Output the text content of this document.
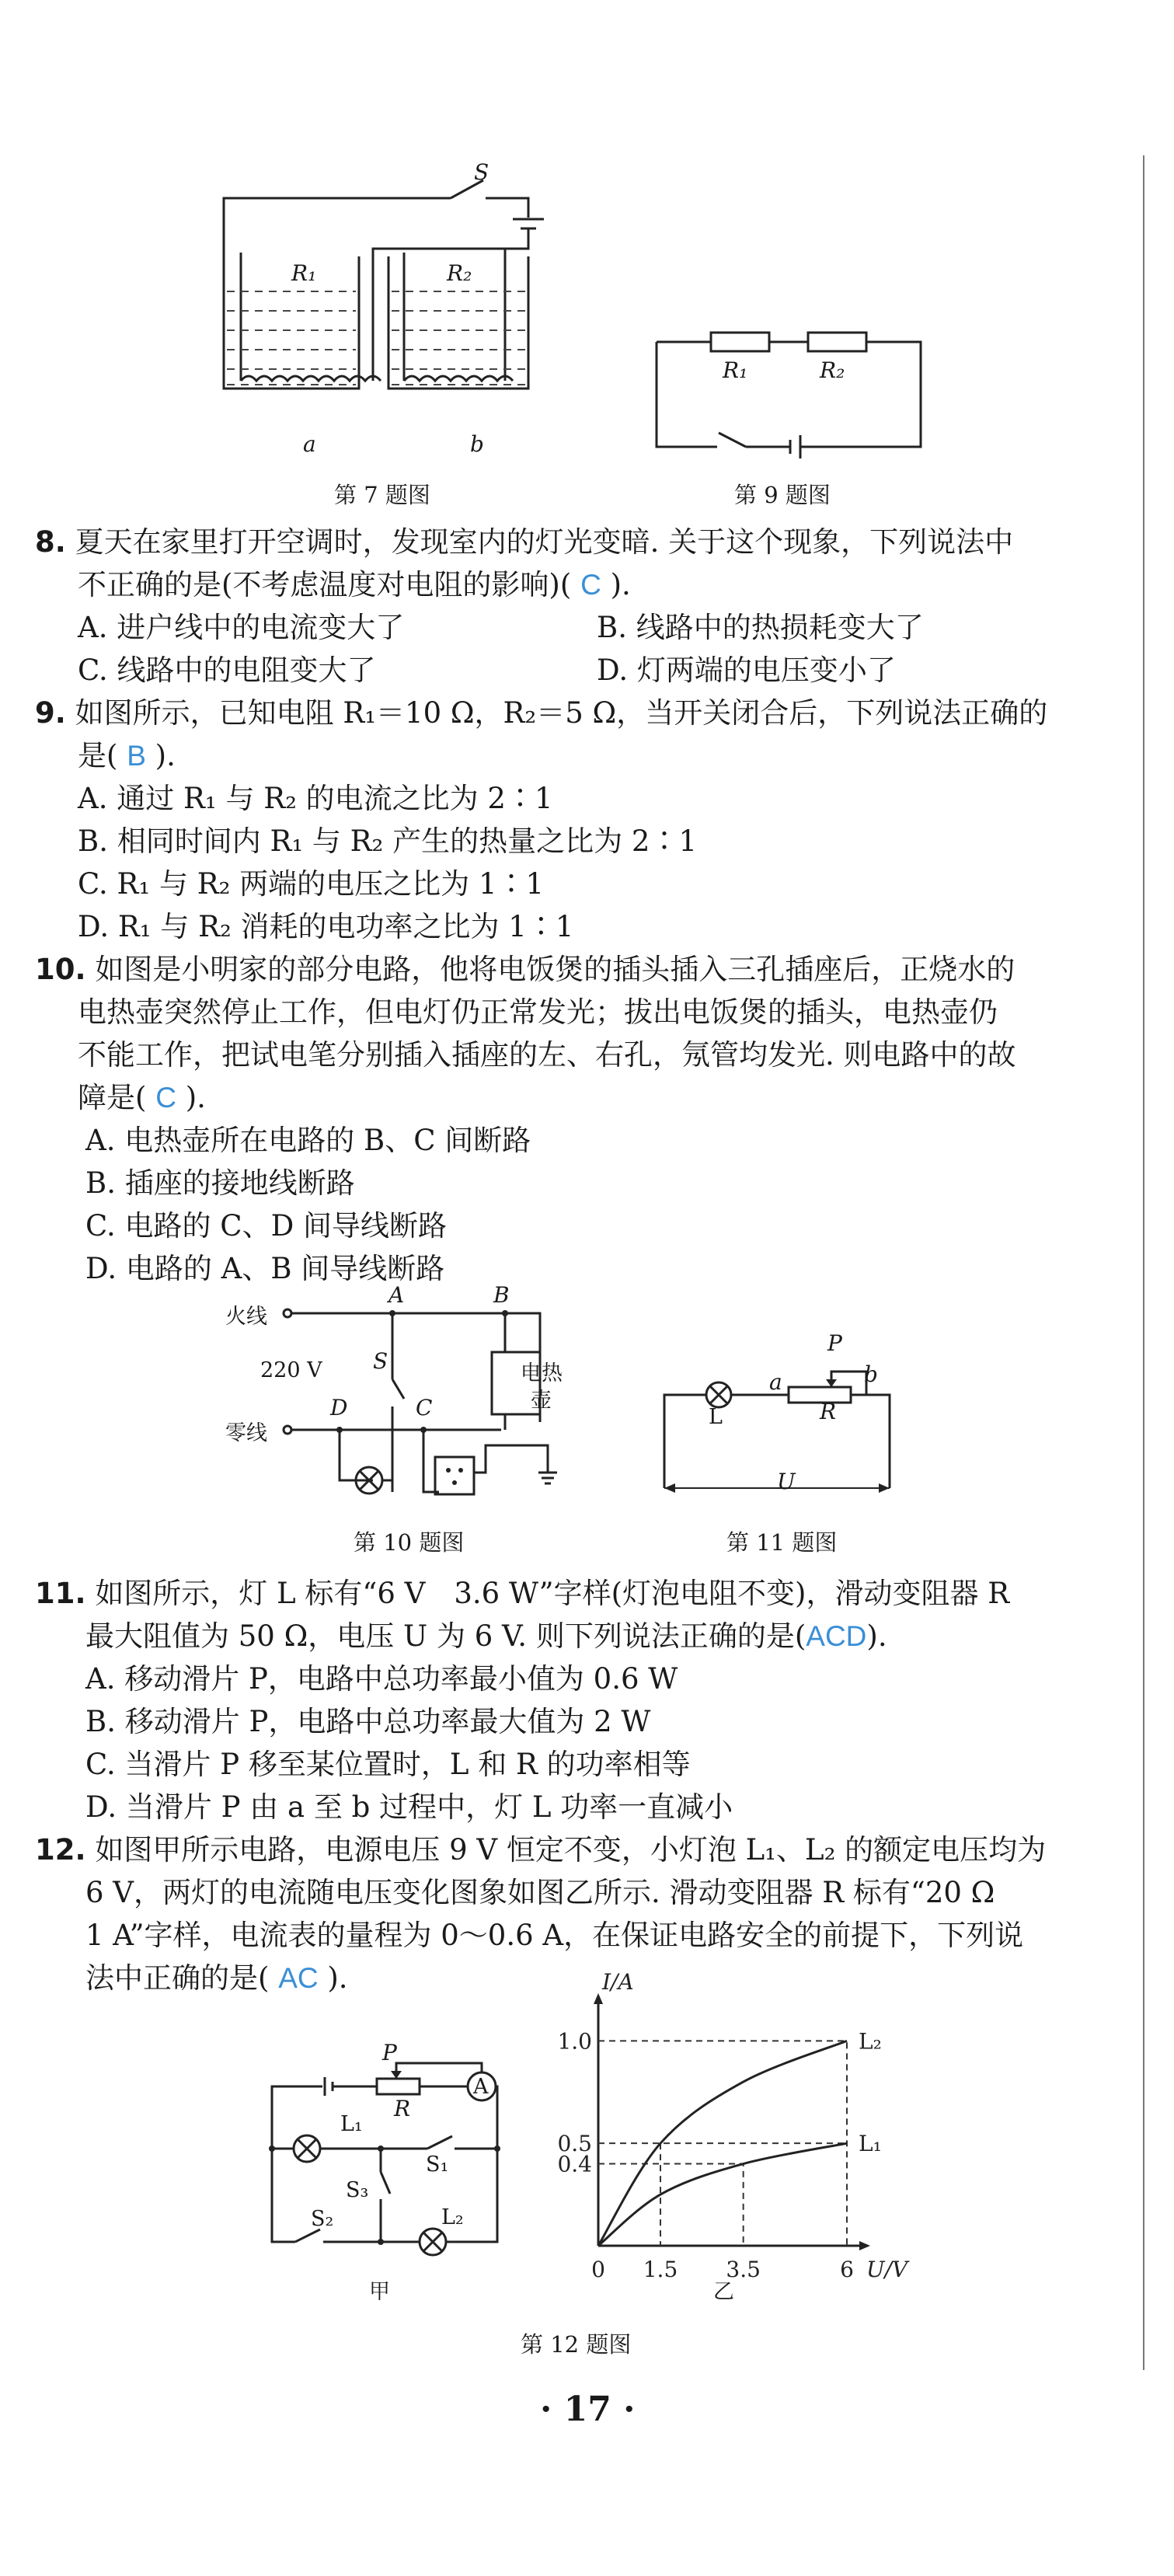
S
R₁	R₂
a	b
第 7 题图
R₁	R₂
第 9 题图
8. 夏天在家里打开空调时，发现室内的灯光变暗. 关于这个现象，下列说法中
不正确的是(不考虑温度对电阻的影响)( C ).
A. 进户线中的电流变大了	B. 线路中的热损耗变大了
C. 线路中的电阻变大了	D. 灯两端的电压变小了
9. 如图所示，已知电阻 R₁＝10 Ω，R₂＝5 Ω，当开关闭合后，下列说法正确的
是( B ).
A. 通过 R₁ 与 R₂ 的电流之比为 2∶1
B. 相同时间内 R₁ 与 R₂ 产生的热量之比为 2∶1
C. R₁ 与 R₂ 两端的电压之比为 1∶1
D. R₁ 与 R₂ 消耗的电功率之比为 1∶1
10. 如图是小明家的部分电路，他将电饭煲的插头插入三孔插座后，正烧水的
电热壶突然停止工作，但电灯仍正常发光；拔出电饭煲的插头，电热壶仍
不能工作，把试电笔分别插入插座的左、右孔，氖管均发光. 则电路中的故
障是( C ).
A. 电热壶所在电路的 B、C 间断路
B. 插座的接地线断路
C. 电路的 C、D 间导线断路
D. 电路的 A、B 间导线断路
火线
零线
220 V
A	B
S
D	C
电热
壶
第 10 题图
P
a	b
R
L
U
第 11 题图
11. 如图所示，灯 L 标有“6 V　3.6 W”字样(灯泡电阻不变)，滑动变阻器 R
最大阻值为 50 Ω，电压 U 为 6 V. 则下列说法正确的是(ACD).
A. 移动滑片 P，电路中总功率最小值为 0.6 W
B. 移动滑片 P，电路中总功率最大值为 2 W
C. 当滑片 P 移至某位置时，L 和 R 的功率相等
D. 当滑片 P 由 a 至 b 过程中，灯 L 功率一直减小
12. 如图甲所示电路，电源电压 9 V 恒定不变，小灯泡 L₁、L₂ 的额定电压均为
6 V，两灯的电流随电压变化图象如图乙所示. 滑动变阻器 R 标有“20 Ω
1 A”字样，电流表的量程为 0～0.6 A，在保证电路安全的前提下，下列说
法中正确的是( AC ).
P
R
A
L₁
S₁
S₃
S₂	L₂
甲
I/A
U/V
0 1.5 3.5	6
0.4
0.5
1.0	L₂
L₁
乙
第 12 题图
· 17 ·
